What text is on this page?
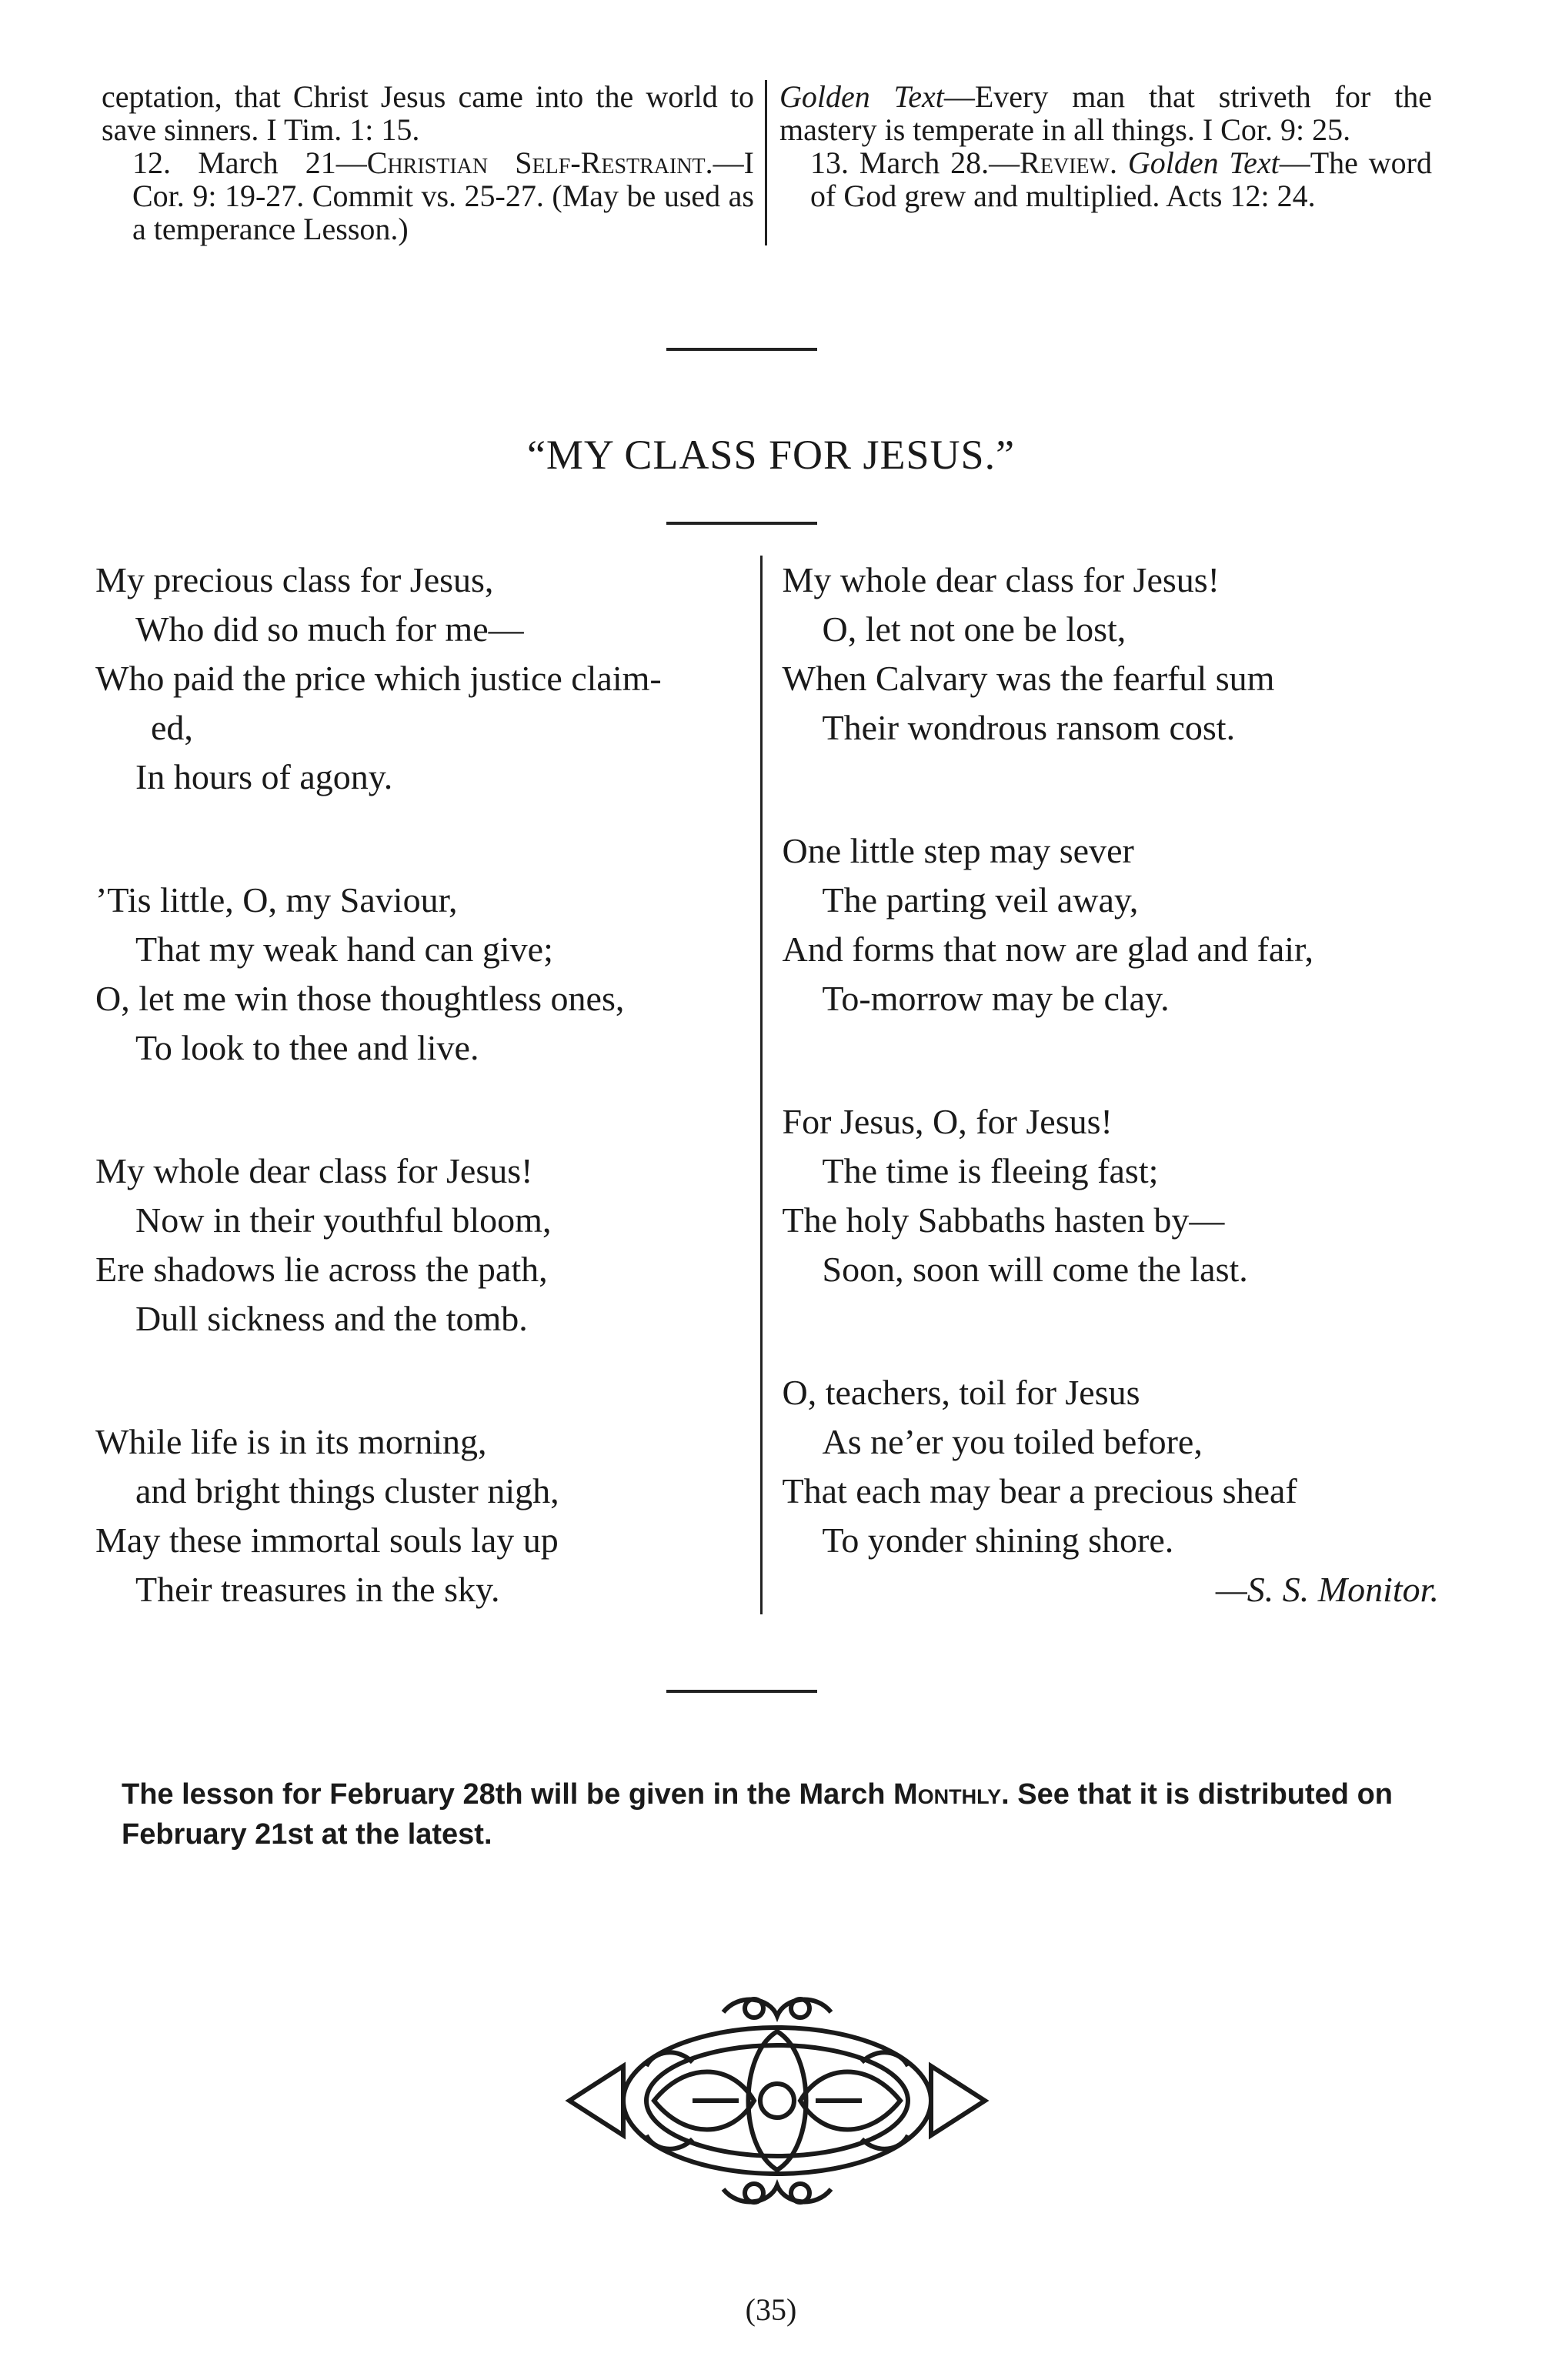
ceptation, that Christ Jesus came into the world to save sinners. I Tim. 1: 15.

12. March 21—Christian Self-Restraint.—I Cor. 9: 19-27. Commit vs. 25-27. (May be used as a temperance Lesson.)

Golden Text—Every man that striveth for the mastery is temperate in all things. I Cor. 9: 25.

13. March 28.—Review. Golden Text—The word of God grew and multiplied. Acts 12: 24.

“MY CLASS FOR JESUS.”
My precious class for Jesus,
Who did so much for me—
Who paid the price which justice claim-
ed,
In hours of agony.
’Tis little, O, my Saviour,
That my weak hand can give;
O, let me win those thoughtless ones,
To look to thee and live.
My whole dear class for Jesus!
Now in their youthful bloom,
Ere shadows lie across the path,
Dull sickness and the tomb.
While life is in its morning,
and bright things cluster nigh,
May these immortal souls lay up
Their treasures in the sky.
My whole dear class for Jesus!
O, let not one be lost,
When Calvary was the fearful sum
Their wondrous ransom cost.
One little step may sever
The parting veil away,
And forms that now are glad and fair,
To-morrow may be clay.
For Jesus, O, for Jesus!
The time is fleeing fast;
The holy Sabbaths hasten by—
Soon, soon will come the last.
O, teachers, toil for Jesus
As ne’er you toiled before,
That each may bear a precious sheaf
To yonder shining shore.
—S. S. Monitor.
The lesson for February 28th will be given in the March Monthly. See that it is distributed on February 21st at the latest.
(35)
